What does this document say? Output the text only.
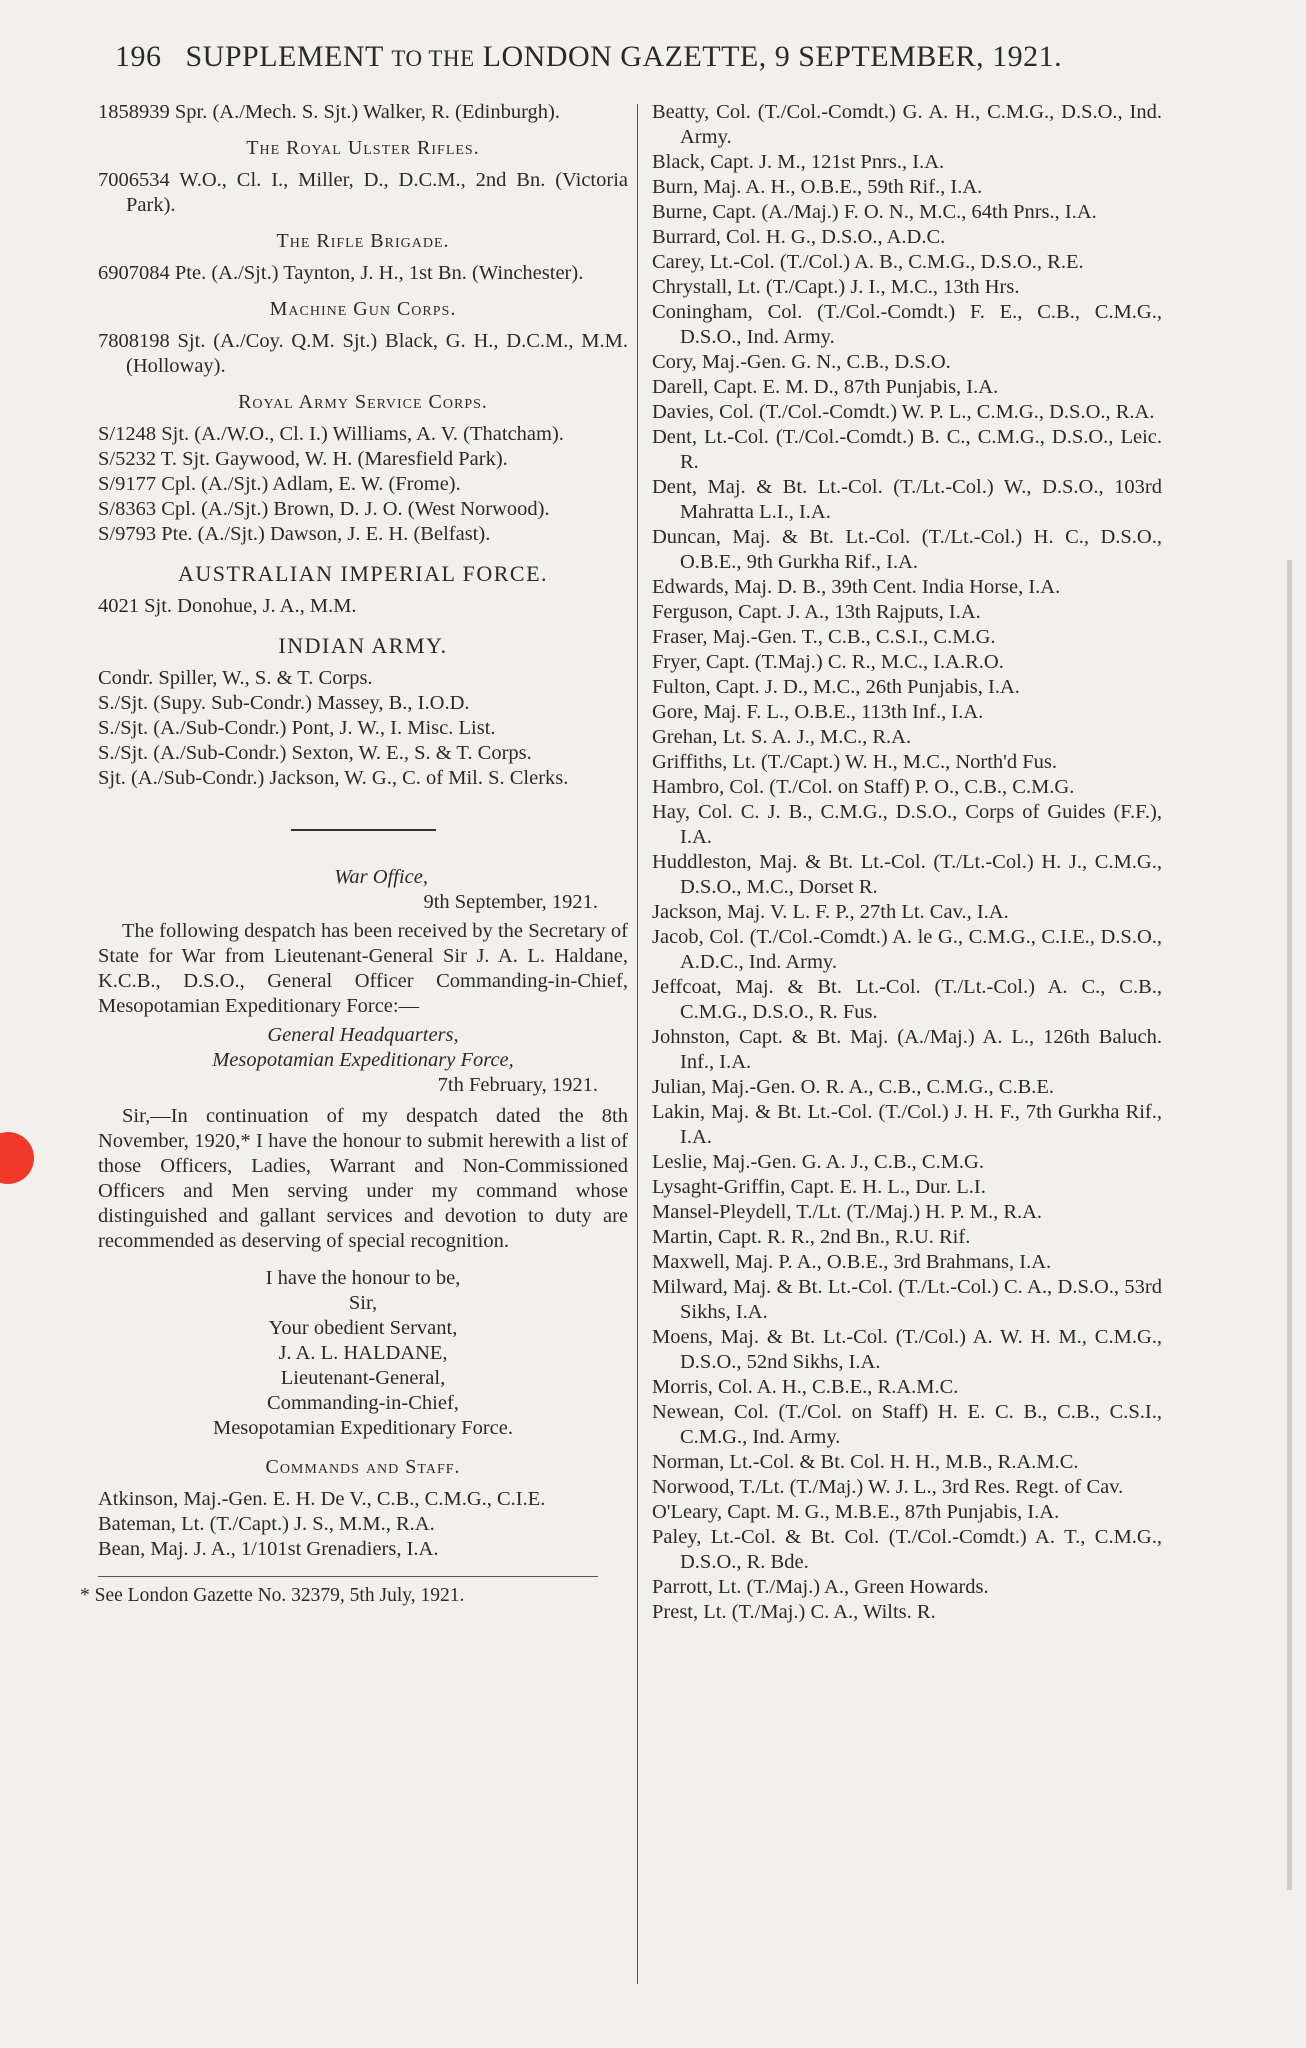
196 SUPPLEMENT TO THE LONDON GAZETTE, 9 SEPTEMBER, 1921.
1858939 Spr. (A./Mech. S. Sjt.) Walker, R. (Edinburgh).
The Royal Ulster Rifles.
7006534 W.O., Cl. I., Miller, D., D.C.M., 2nd Bn. (Victoria Park).
The Rifle Brigade.
6907084 Pte. (A./Sjt.) Taynton, J. H., 1st Bn. (Winchester).
Machine Gun Corps.
7808198 Sjt. (A./Coy. Q.M. Sjt.) Black, G. H., D.C.M., M.M. (Holloway).
Royal Army Service Corps.
S/1248 Sjt. (A./W.O., Cl. I.) Williams, A. V. (Thatcham).
S/5232 T. Sjt. Gaywood, W. H. (Maresfield Park).
S/9177 Cpl. (A./Sjt.) Adlam, E. W. (Frome).
S/8363 Cpl. (A./Sjt.) Brown, D. J. O. (West Norwood).
S/9793 Pte. (A./Sjt.) Dawson, J. E. H. (Belfast).
AUSTRALIAN IMPERIAL FORCE.
4021 Sjt. Donohue, J. A., M.M.
INDIAN ARMY.
Condr. Spiller, W., S. & T. Corps.
S./Sjt. (Supy. Sub-Condr.) Massey, B., I.O.D.
S./Sjt. (A./Sub-Condr.) Pont, J. W., I. Misc. List.
S./Sjt. (A./Sub-Condr.) Sexton, W. E., S. & T. Corps.
Sjt. (A./Sub-Condr.) Jackson, W. G., C. of Mil. S. Clerks.
War Office,
9th September, 1921.
The following despatch has been received by the Secretary of State for War from Lieutenant-General Sir J. A. L. Haldane, K.C.B., D.S.O., General Officer Commanding-in-Chief, Mesopotamian Expeditionary Force:—
General Headquarters,
Mesopotamian Expeditionary Force,
7th February, 1921.
Sir,—In continuation of my despatch dated the 8th November, 1920,* I have the honour to submit herewith a list of those Officers, Ladies, Warrant and Non-Commissioned Officers and Men serving under my command whose distinguished and gallant services and devotion to duty are recommended as deserving of special recognition.
I have the honour to be,
Sir,
Your obedient Servant,
J. A. L. HALDANE,
Lieutenant-General,
Commanding-in-Chief,
Mesopotamian Expeditionary Force.
Commands and Staff.
Atkinson, Maj.-Gen. E. H. De V., C.B., C.M.G., C.I.E.
Bateman, Lt. (T./Capt.) J. S., M.M., R.A.
Bean, Maj. J. A., 1/101st Grenadiers, I.A.
* See London Gazette No. 32379, 5th July, 1921.
Beatty, Col. (T./Col.-Comdt.) G. A. H., C.M.G., D.S.O., Ind. Army.
Black, Capt. J. M., 121st Pnrs., I.A.
Burn, Maj. A. H., O.B.E., 59th Rif., I.A.
Burne, Capt. (A./Maj.) F. O. N., M.C., 64th Pnrs., I.A.
Burrard, Col. H. G., D.S.O., A.D.C.
Carey, Lt.-Col. (T./Col.) A. B., C.M.G., D.S.O., R.E.
Chrystall, Lt. (T./Capt.) J. I., M.C., 13th Hrs.
Coningham, Col. (T./Col.-Comdt.) F. E., C.B., C.M.G., D.S.O., Ind. Army.
Cory, Maj.-Gen. G. N., C.B., D.S.O.
Darell, Capt. E. M. D., 87th Punjabis, I.A.
Davies, Col. (T./Col.-Comdt.) W. P. L., C.M.G., D.S.O., R.A.
Dent, Lt.-Col. (T./Col.-Comdt.) B. C., C.M.G., D.S.O., Leic. R.
Dent, Maj. & Bt. Lt.-Col. (T./Lt.-Col.) W., D.S.O., 103rd Mahratta L.I., I.A.
Duncan, Maj. & Bt. Lt.-Col. (T./Lt.-Col.) H. C., D.S.O., O.B.E., 9th Gurkha Rif., I.A.
Edwards, Maj. D. B., 39th Cent. India Horse, I.A.
Ferguson, Capt. J. A., 13th Rajputs, I.A.
Fraser, Maj.-Gen. T., C.B., C.S.I., C.M.G.
Fryer, Capt. (T.Maj.) C. R., M.C., I.A.R.O.
Fulton, Capt. J. D., M.C., 26th Punjabis, I.A.
Gore, Maj. F. L., O.B.E., 113th Inf., I.A.
Grehan, Lt. S. A. J., M.C., R.A.
Griffiths, Lt. (T./Capt.) W. H., M.C., North'd Fus.
Hambro, Col. (T./Col. on Staff) P. O., C.B., C.M.G.
Hay, Col. C. J. B., C.M.G., D.S.O., Corps of Guides (F.F.), I.A.
Huddleston, Maj. & Bt. Lt.-Col. (T./Lt.-Col.) H. J., C.M.G., D.S.O., M.C., Dorset R.
Jackson, Maj. V. L. F. P., 27th Lt. Cav., I.A.
Jacob, Col. (T./Col.-Comdt.) A. le G., C.M.G., C.I.E., D.S.O., A.D.C., Ind. Army.
Jeffcoat, Maj. & Bt. Lt.-Col. (T./Lt.-Col.) A. C., C.B., C.M.G., D.S.O., R. Fus.
Johnston, Capt. & Bt. Maj. (A./Maj.) A. L., 126th Baluch. Inf., I.A.
Julian, Maj.-Gen. O. R. A., C.B., C.M.G., C.B.E.
Lakin, Maj. & Bt. Lt.-Col. (T./Col.) J. H. F., 7th Gurkha Rif., I.A.
Leslie, Maj.-Gen. G. A. J., C.B., C.M.G.
Lysaght-Griffin, Capt. E. H. L., Dur. L.I.
Mansel-Pleydell, T./Lt. (T./Maj.) H. P. M., R.A.
Martin, Capt. R. R., 2nd Bn., R.U. Rif.
Maxwell, Maj. P. A., O.B.E., 3rd Brahmans, I.A.
Milward, Maj. & Bt. Lt.-Col. (T./Lt.-Col.) C. A., D.S.O., 53rd Sikhs, I.A.
Moens, Maj. & Bt. Lt.-Col. (T./Col.) A. W. H. M., C.M.G., D.S.O., 52nd Sikhs, I.A.
Morris, Col. A. H., C.B.E., R.A.M.C.
Newean, Col. (T./Col. on Staff) H. E. C. B., C.B., C.S.I., C.M.G., Ind. Army.
Norman, Lt.-Col. & Bt. Col. H. H., M.B., R.A.M.C.
Norwood, T./Lt. (T./Maj.) W. J. L., 3rd Res. Regt. of Cav.
O'Leary, Capt. M. G., M.B.E., 87th Punjabis, I.A.
Paley, Lt.-Col. & Bt. Col. (T./Col.-Comdt.) A. T., C.M.G., D.S.O., R. Bde.
Parrott, Lt. (T./Maj.) A., Green Howards.
Prest, Lt. (T./Maj.) C. A., Wilts. R.
